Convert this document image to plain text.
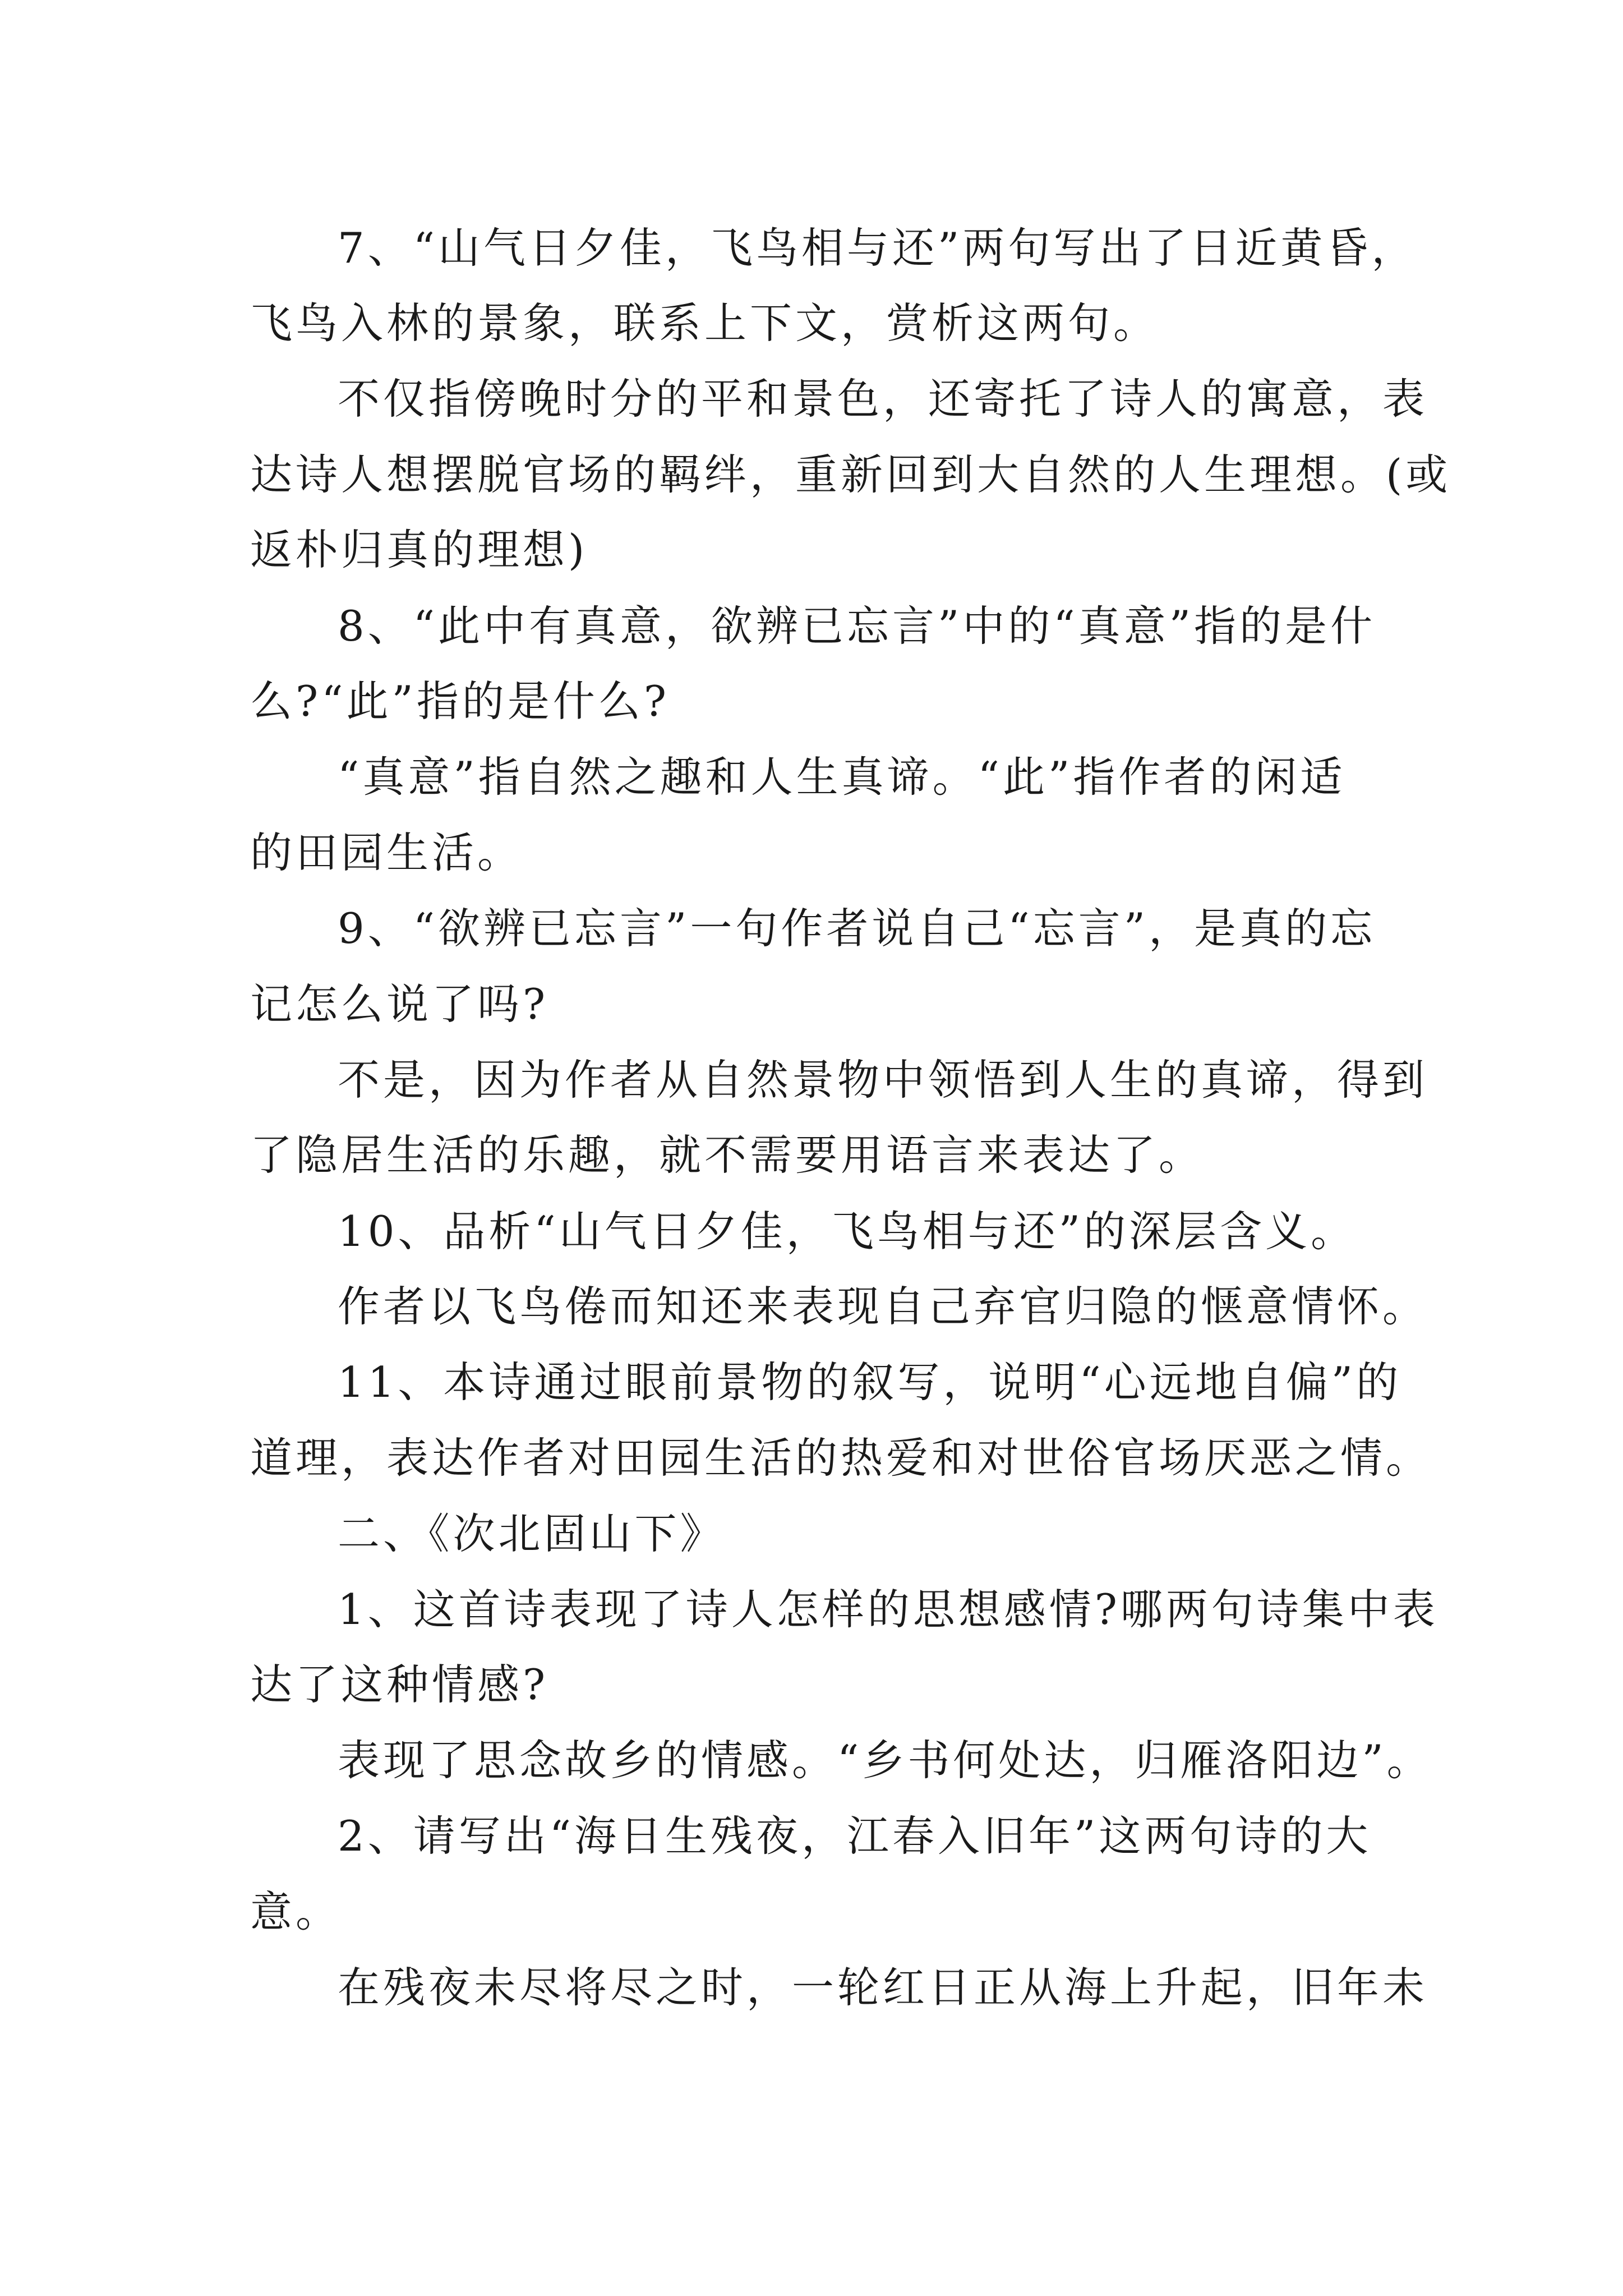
7、“山气日夕佳，飞鸟相与还”两句写出了日近黄昏，
飞鸟入林的景象，联系上下文，赏析这两句。
不仅指傍晚时分的平和景色，还寄托了诗人的寓意，表
达诗人想摆脱官场的羁绊，重新回到大自然的人生理想。(或
返朴归真的理想)
8、“此中有真意，欲辨已忘言”中的“真意”指的是什
么?“此”指的是什么?
“真意”指自然之趣和人生真谛。“此”指作者的闲适
的田园生活。
9、“欲辨已忘言”一句作者说自己“忘言”，是真的忘
记怎么说了吗?
不是，因为作者从自然景物中领悟到人生的真谛，得到
了隐居生活的乐趣，就不需要用语言来表达了。
10、品析“山气日夕佳，飞鸟相与还”的深层含义。
作者以飞鸟倦而知还来表现自己弃官归隐的惬意情怀。
11、本诗通过眼前景物的叙写，说明“心远地自偏”的
道理，表达作者对田园生活的热爱和对世俗官场厌恶之情。
二、《次北固山下》
1、这首诗表现了诗人怎样的思想感情?哪两句诗集中表
达了这种情感?
表现了思念故乡的情感。“乡书何处达，归雁洛阳边”。
2、请写出“海日生残夜，江春入旧年”这两句诗的大
意。
在残夜未尽将尽之时，一轮红日正从海上升起，旧年未
